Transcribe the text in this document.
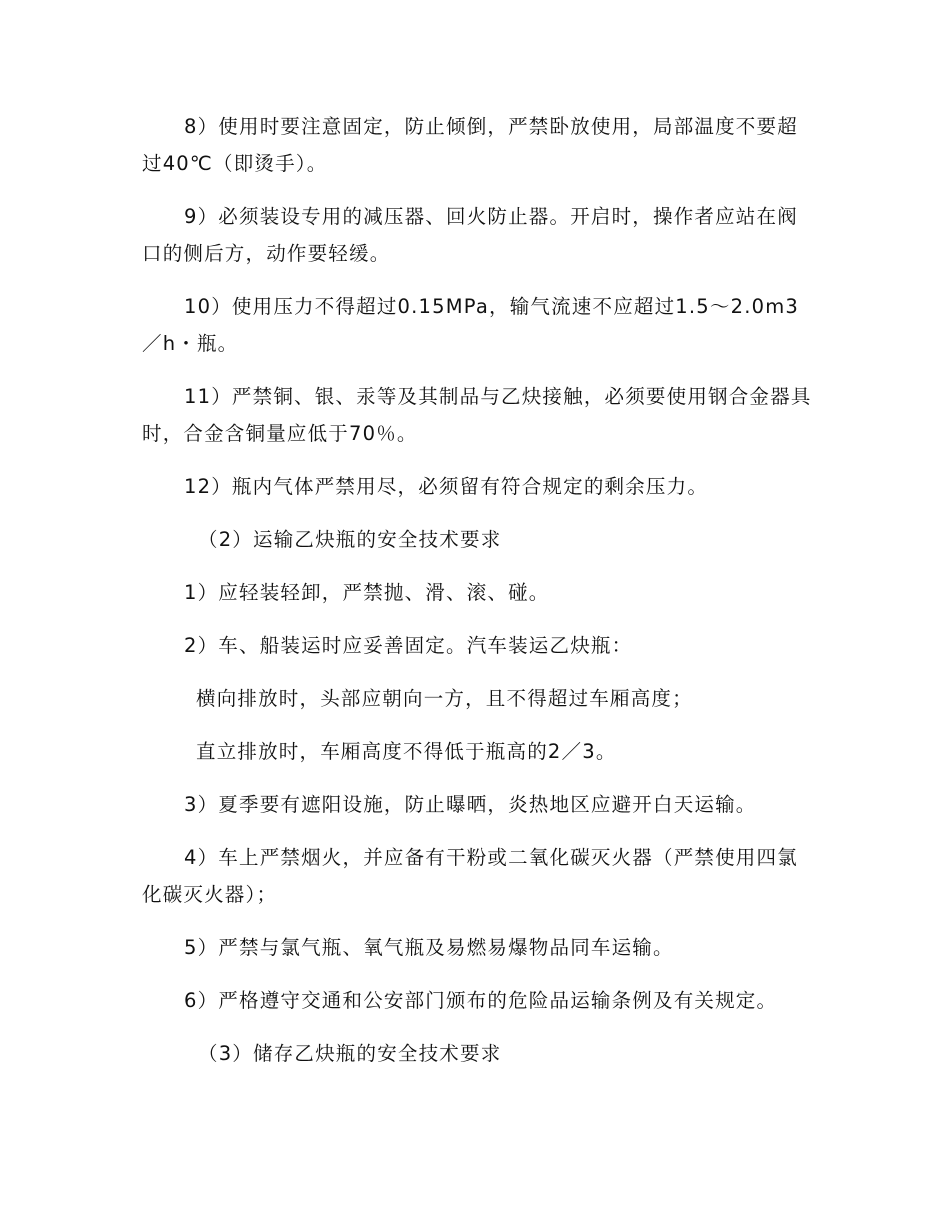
8）使用时要注意固定，防止倾倒，严禁卧放使用，局部温度不要超过40℃（即烫手）。

9）必须装设专用的减压器、回火防止器。开启时，操作者应站在阀口的侧后方，动作要轻缓。

10）使用压力不得超过0.15MPa，输气流速不应超过1.5～2.0m3／h・瓶。

11）严禁铜、银、汞等及其制品与乙炔接触，必须要使用钢合金器具时，合金含铜量应低于70％。

12）瓶内气体严禁用尽，必须留有符合规定的剩余压力。

（2）运输乙炔瓶的安全技术要求

1）应轻装轻卸，严禁抛、滑、滚、碰。

2）车、船装运时应妥善固定。汽车装运乙炔瓶：

横向排放时，头部应朝向一方，且不得超过车厢高度；

直立排放时，车厢高度不得低于瓶高的2／3。

3）夏季要有遮阳设施，防止曝晒，炎热地区应避开白天运输。

4）车上严禁烟火，并应备有干粉或二氧化碳灭火器（严禁使用四氯化碳灭火器）；

5）严禁与氯气瓶、氧气瓶及易燃易爆物品同车运输。

6）严格遵守交通和公安部门颁布的危险品运输条例及有关规定。

（3）储存乙炔瓶的安全技术要求
